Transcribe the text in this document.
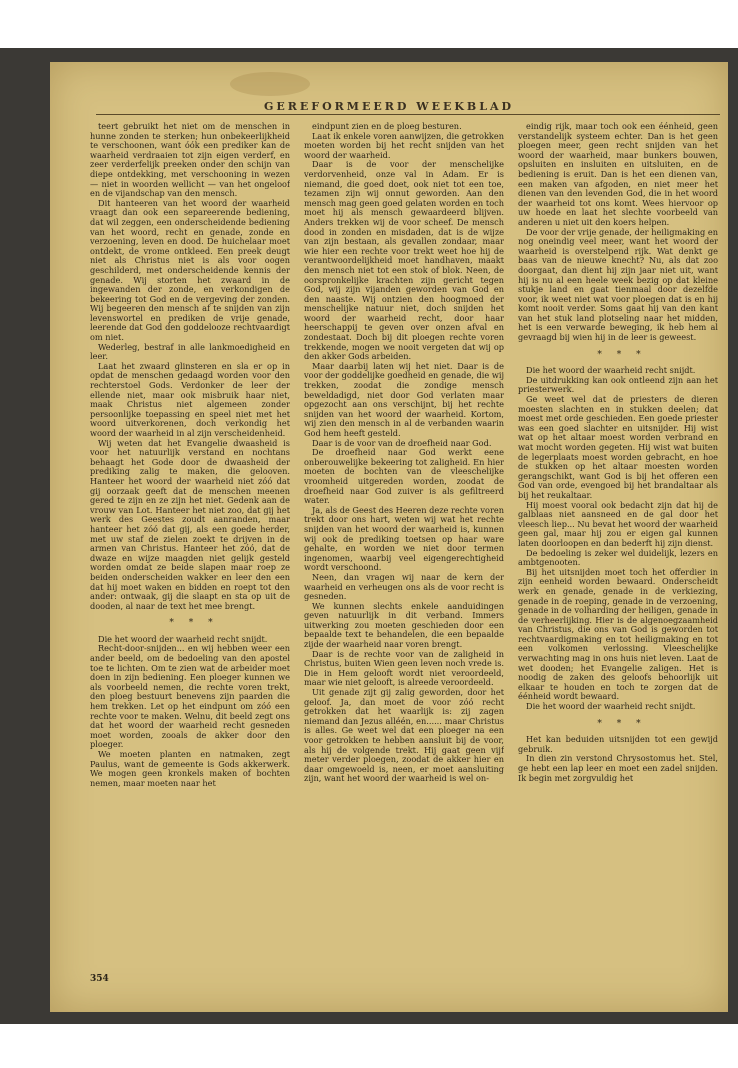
GEREFORMEERD WEEKBLAD

teert gebruikt het niet om de menschen in hunne zonden te sterken; hun onbekeerlijkheid te verschoonen, want óók een prediker kan de waarheid verdraaien tot zijn eigen verderf, en zeer verderfelijk preeken onder den schijn van diepe ontdekking, met verschooning in wezen — niet in woorden wellicht — van het ongeloof en de vijandschap van den mensch.

Dit hanteeren van het woord der waarheid vraagt dan ook een separeerende bediening, dat wil zeggen, een onderscheidende bediening van het woord, recht en genade, zonde en verzoening, leven en dood. De huichelaar moet ontdekt, de vrome ontkleed. Een preek deugt niet als Christus niet is als voor oogen geschilderd, met onderscheidende kennis der genade. Wij storten het zwaard in de ingewanden der zonde, en verkondigen de bekeering tot God en de vergeving der zonden. Wij begeeren den mensch af te snijden van zijn levenswortel en prediken de vrije genade, leerende dat God den goddelooze rechtvaardigt om niet.

Wederleg, bestraf in alle lankmoedigheid en leer.

Laat het zwaard glinsteren en sla er op in opdat de menschen gedaagd worden voor den rechterstoel Gods. Verdonker de leer der ellende niet, maar ook misbruik haar niet, maak Christus niet algemeen zonder persoonlijke toepassing en speel niet met het woord uitverkorenen, doch verkondig het woord der waarheid in al zijn verscheidenheid.

Wij weten dat het Evangelie dwaasheid is voor het natuurlijk verstand en nochtans behaagt het Gode door de dwaasheid der prediking zalig te maken, die gelooven. Hanteer het woord der waarheid niet zóó dat gij oorzaak geeft dat de menschen meenen gered te zijn en ze zijn het niet. Gedenk aan de vrouw van Lot. Hanteer het niet zoo, dat gij het werk des Geestes zoudt aanranden, maar hanteer het zóó dat gij, als een goede herder, met uw staf de zielen zoekt te drijven in de armen van Christus. Hanteer het zóó, dat de dwaze en wijze maagden niet gelijk gesteld worden omdat ze beide slapen maar roep ze beiden onderscheiden wakker en leer den een dat hij moet waken en bidden en roept tot den ander: ontwaak, gij die slaapt en sta op uit de dooden, al naar de text het mee brengt.

* * *

Die het woord der waarheid recht snijdt.

Recht-door-snijden... en wij hebben weer een ander beeld, om de bedoeling van den apostel toe te lichten. Om te zien wat de arbeider moet doen in zijn bediening. Een ploeger kunnen we als voorbeeld nemen, die rechte voren trekt, den ploeg bestuurt benevens zijn paarden die hem trekken. Let op het eindpunt om zóó een rechte voor te maken. Welnu, dit beeld zegt ons dat het woord der waarheid recht gesneden moet worden, zooals de akker door den ploeger.

We moeten planten en natmaken, zegt Paulus, want de gemeente is Gods akkerwerk. We mogen geen kronkels maken of bochten nemen, maar moeten naar het

eindpunt zien en de ploeg besturen.

Laat ik enkele voren aanwijzen, die getrokken moeten worden bij het recht snijden van het woord der waarheid.

Daar is de voor der menschelijke verdorvenheid, onze val in Adam. Er is niemand, die goed doet, ook niet tot een toe, tezamen zijn wij onnut geworden. Aan den mensch mag geen goed gelaten worden en toch moet hij als mensch gewaardeerd blijven. Anders trekken wij de voor scheef. De mensch dood in zonden en misdaden, dat is de wijze van zijn bestaan, als gevallen zondaar, maar wie hier een rechte voor trekt weet hoe hij de verantwoordelijkheid moet handhaven, maakt den mensch niet tot een stok of blok. Neen, de oorspronkelijke krachten zijn gericht tegen God, wij zijn vijanden geworden van God en den naaste. Wij ontzien den hoogmoed der menschelijke natuur niet, doch snijden het woord der waarheid recht, door haar heerschappij te geven over onzen afval en zondestaat. Doch bij dit ploegen rechte voren trekkende, mogen we nooit vergeten dat wij op den akker Gods arbeiden.

Maar daarbij laten wij het niet. Daar is de voor der goddelijke goedheid en genade, die wij trekken, zoodat die zondige mensch beweldadigd, niet door God verlaten maar opgezocht aan ons verschijnt, bij het rechte snijden van het woord der waarheid. Kortom, wij zien den mensch in al de verbanden waarin God hem heeft gesteld.

Daar is de voor van de droefheid naar God.

De droefheid naar God werkt eene onberouwelijke bekeering tot zaligheid. En hier moeten de bochten van de vleeschelijke vroomheid uitgereden worden, zoodat de droefheid naar God zuiver is als gefiltreerd water.

Ja, als de Geest des Heeren deze rechte voren trekt door ons hart, weten wij wat het rechte snijden van het woord der waarheid is, kunnen wij ook de prediking toetsen op haar ware gehalte, en worden we niet door termen ingenomen, waarbij veel eigengerechtigheid wordt verschoond.

Neen, dan vragen wij naar de kern der waarheid en verheugen ons als de voor recht is gesneden.

We kunnen slechts enkele aanduidingen geven natuurlijk in dit verband. Immers uitwerking zou moeten geschieden door een bepaalde text te behandelen, die een bepaalde zijde der waarheid naar voren brengt.

Daar is de rechte voor van de zaligheid in Christus, buiten Wien geen leven noch vrede is. Die in Hem gelooft wordt niet veroordeeld, maar wie niet gelooft, is alreede veroordeeld.

Uit genade zijt gij zalig geworden, door het geloof. Ja, dan moet de voor zóó recht getrokken dat het waarlijk is: zij zagen niemand dan Jezus alléén, en...... maar Christus is alles. Ge weet wel dat een ploeger na een voor getrokken te hebben aansluit bij de voor, als hij de volgende trekt. Hij gaat geen vijf meter verder ploegen, zoodat de akker hier en daar omgewoeld is, neen, er moet aansluiting zijn, want het woord der waarheid is wel on-

eindig rijk, maar toch ook een éénheid, geen verstandelijk systeem echter. Dan is het geen ploegen meer, geen recht snijden van het woord der waarheid, maar bunkers bouwen, opsluiten en insluiten en uitsluiten, en de bediening is eruit. Dan is het een dienen van, een maken van afgoden, en niet meer het dienen van den levenden God, die in het woord der waarheid tot ons komt. Wees hiervoor op uw hoede en laat het slechte voorbeeld van anderen u niet uit den koers helpen.

De voor der vrije genade, der heiligmaking en nog oneindig veel meer, want het woord der waarheid is overstelpend rijk. Wat denkt ge baas van de nieuwe knecht? Nu, als dat zoo doorgaat, dan dient hij zijn jaar niet uit, want hij is nu al een heele week bezig op dat kleine stukje land en gaat tienmaal door dezelfde voor, ik weet niet wat voor ploegen dat is en hij komt nooit verder. Soms gaat hij van den kant van het stuk land plotseling naar het midden, het is een verwarde beweging, ik heb hem al gevraagd bij wien hij in de leer is geweest.

* * *

Die het woord der waarheid recht snijdt.

De uitdrukking kan ook ontleend zijn aan het priesterwerk.

Ge weet wel dat de priesters de dieren moesten slachten en in stukken deelen; dat moest met orde geschieden. Een goede priester was een goed slachter en uitsnijder. Hij wist wat op het altaar moest worden verbrand en wat mocht worden gegeten. Hij wist wat buiten de legerplaats moest worden gebracht, en hoe de stukken op het altaar moesten worden gerangschikt, want God is bij het offeren een God van orde, evengoed bij het brandaltaar als bij het reukaltaar.

Hij moest vooral ook bedacht zijn dat hij de galblaas niet aansneed en de gal door het vleesch liep... Nu bevat het woord der waarheid geen gal, maar hij zou er eigen gal kunnen laten doorloopen en dan bederft hij zijn dienst.

De bedoeling is zeker wel duidelijk, lezers en ambtgenooten.

Bij het uitsnijden moet toch het offerdier in zijn eenheid worden bewaard. Onderscheidt werk en genade, genade in de verkiezing, genade in de roeping, genade in de verzoening, genade in de volharding der heiligen, genade in de verheerlijking. Hier is de algenoegzaamheid van Christus, die ons van God is geworden tot rechtvaardigmaking en tot heiligmaking en tot een volkomen verlossing. Vleeschelijke verwachting mag in ons huis niet leven. Laat de wet dooden; het Evangelie zaligen. Het is noodig de zaken des geloofs behoorlijk uit elkaar te houden en toch te zorgen dat de éénheid wordt bewaard.

Die het woord der waarheid recht snijdt.

* * *

Het kan beduiden uitsnijden tot een gewijd gebruik.

In dien zin verstond Chrysostomus het. Stel, ge hebt een lap leer en moet een zadel snijden. Ik begin met zorgvuldig het

354
